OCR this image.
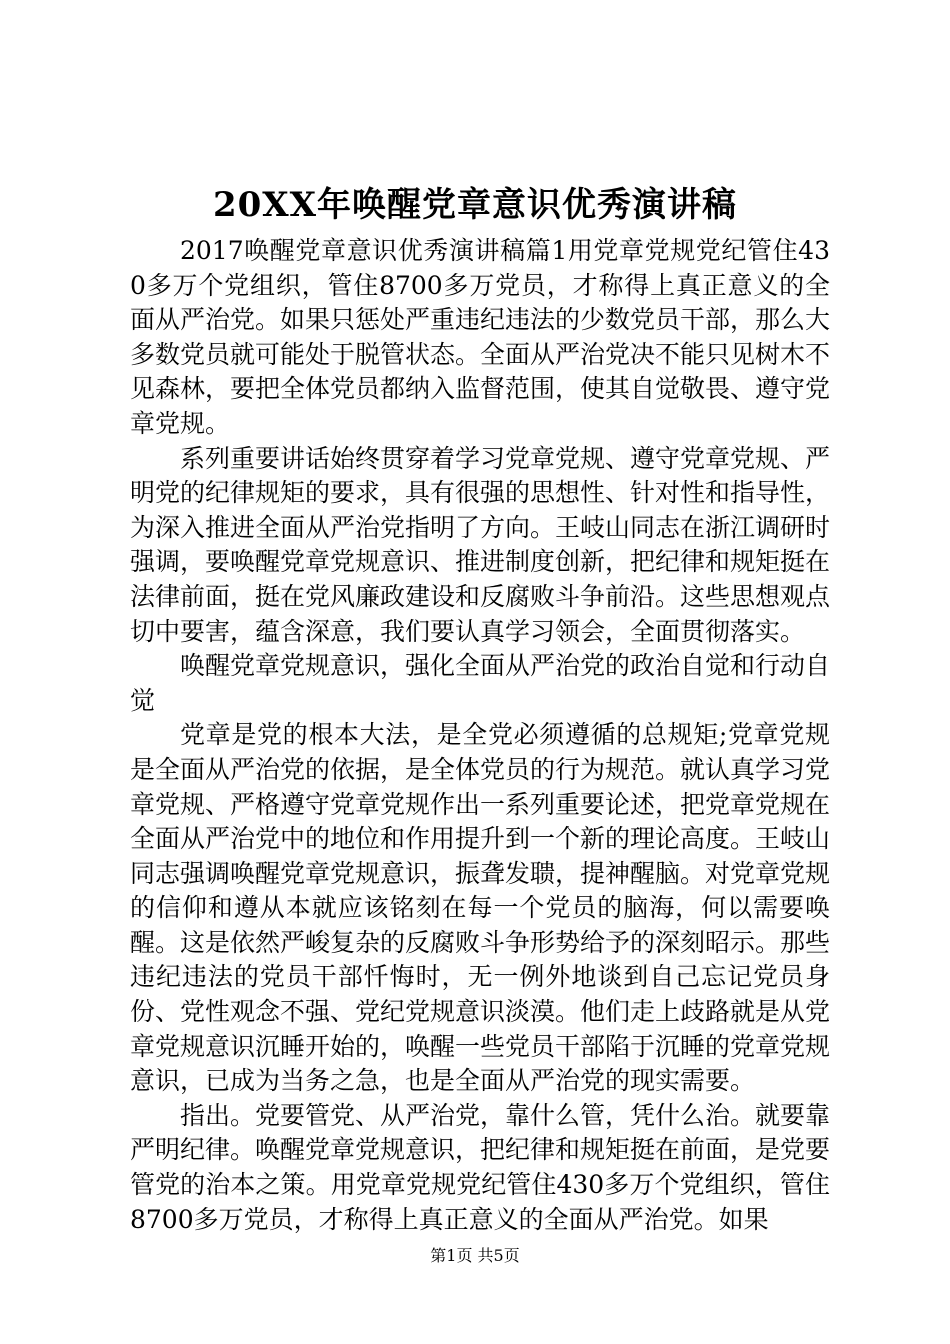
20XX年唤醒党章意识优秀演讲稿

2017唤醒党章意识优秀演讲稿篇1用党章党规党纪管住430多万个党组织，管住8700多万党员，才称得上真正意义的全面从严治党。如果只惩处严重违纪违法的少数党员干部，那么大多数党员就可能处于脱管状态。全面从严治党决不能只见树木不见森林，要把全体党员都纳入监督范围，使其自觉敬畏、遵守党章党规。

系列重要讲话始终贯穿着学习党章党规、遵守党章党规、严明党的纪律规矩的要求，具有很强的思想性、针对性和指导性，为深入推进全面从严治党指明了方向。王岐山同志在浙江调研时强调，要唤醒党章党规意识、推进制度创新，把纪律和规矩挺在法律前面，挺在党风廉政建设和反腐败斗争前沿。这些思想观点切中要害，蕴含深意，我们要认真学习领会，全面贯彻落实。

唤醒党章党规意识，强化全面从严治党的政治自觉和行动自觉

党章是党的根本大法，是全党必须遵循的总规矩;党章党规是全面从严治党的依据，是全体党员的行为规范。就认真学习党章党规、严格遵守党章党规作出一系列重要论述，把党章党规在全面从严治党中的地位和作用提升到一个新的理论高度。王岐山同志强调唤醒党章党规意识，振聋发聩，提神醒脑。对党章党规的信仰和遵从本就应该铭刻在每一个党员的脑海，何以需要唤醒。这是依然严峻复杂的反腐败斗争形势给予的深刻昭示。那些违纪违法的党员干部忏悔时，无一例外地谈到自己忘记党员身份、党性观念不强、党纪党规意识淡漠。他们走上歧路就是从党章党规意识沉睡开始的，唤醒一些党员干部陷于沉睡的党章党规意识，已成为当务之急，也是全面从严治党的现实需要。

指出。党要管党、从严治党，靠什么管，凭什么治。就要靠严明纪律。唤醒党章党规意识，把纪律和规矩挺在前面，是党要管党的治本之策。用党章党规党纪管住430多万个党组织，管住8700多万党员，才称得上真正意义的全面从严治党。如果

第1页 共5页
